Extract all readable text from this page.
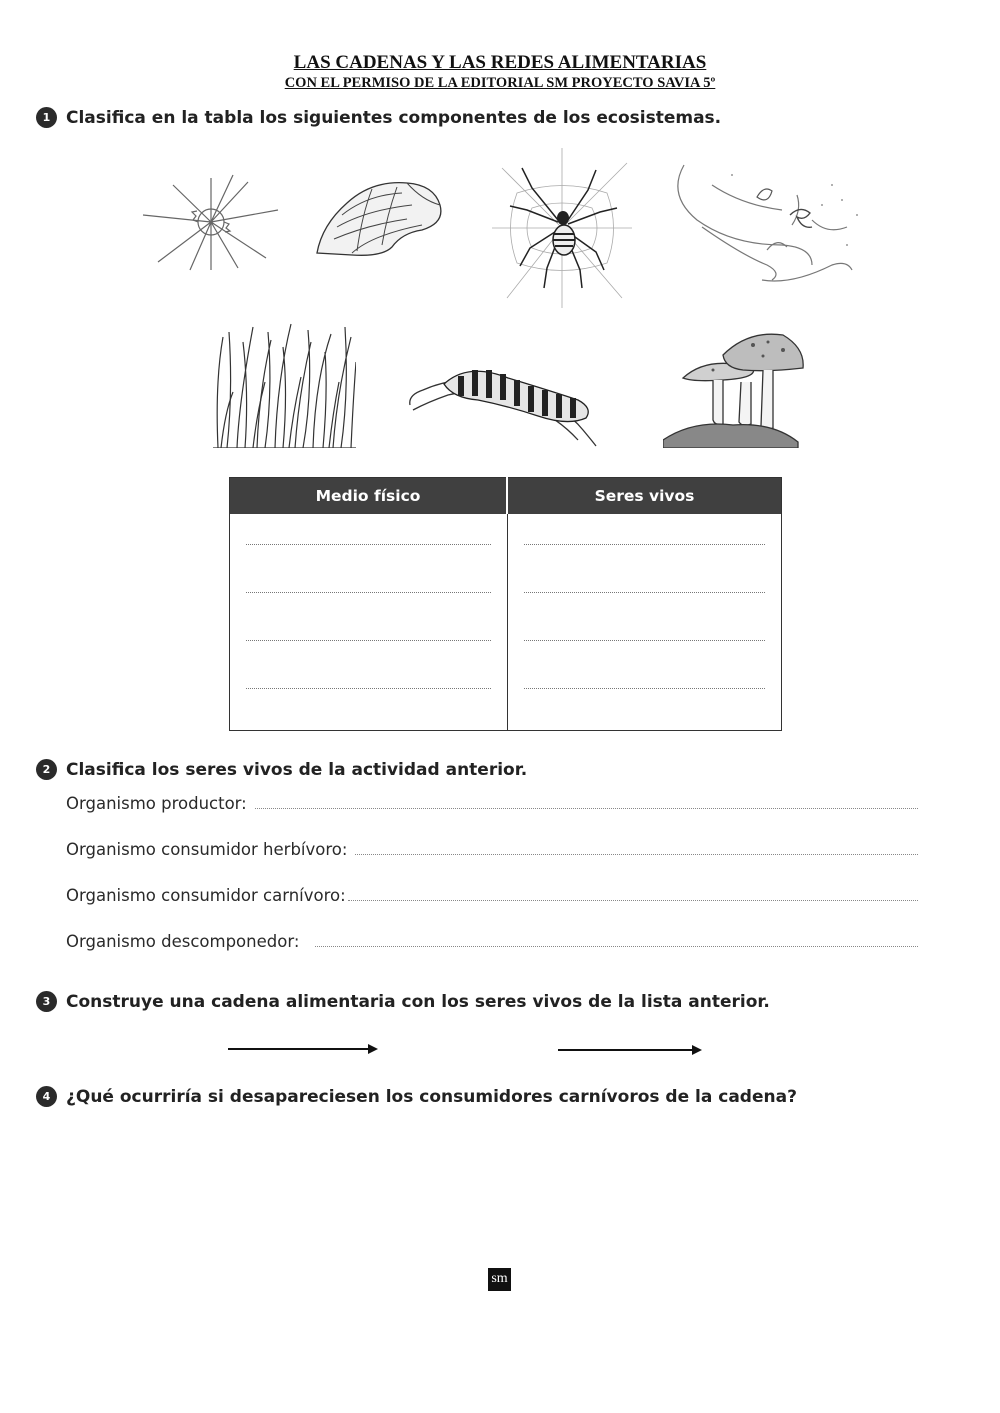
LAS CADENAS Y LAS REDES ALIMENTARIAS
CON EL PERMISO DE LA EDITORIAL SM PROYECTO SAVIA 5º
1 Clasifica en la tabla los siguientes componentes de los ecosistemas.
Medio físico	Seres vivos

2 Clasifica los seres vivos de la actividad anterior.
Organismo productor:
Organismo consumidor herbívoro:
Organismo consumidor carnívoro:
Organismo descomponedor:
3 Construye una cadena alimentaria con los seres vivos de la lista anterior.
4 ¿Qué ocurriría si desapareciesen los consumidores carnívoros de la cadena?
sm
